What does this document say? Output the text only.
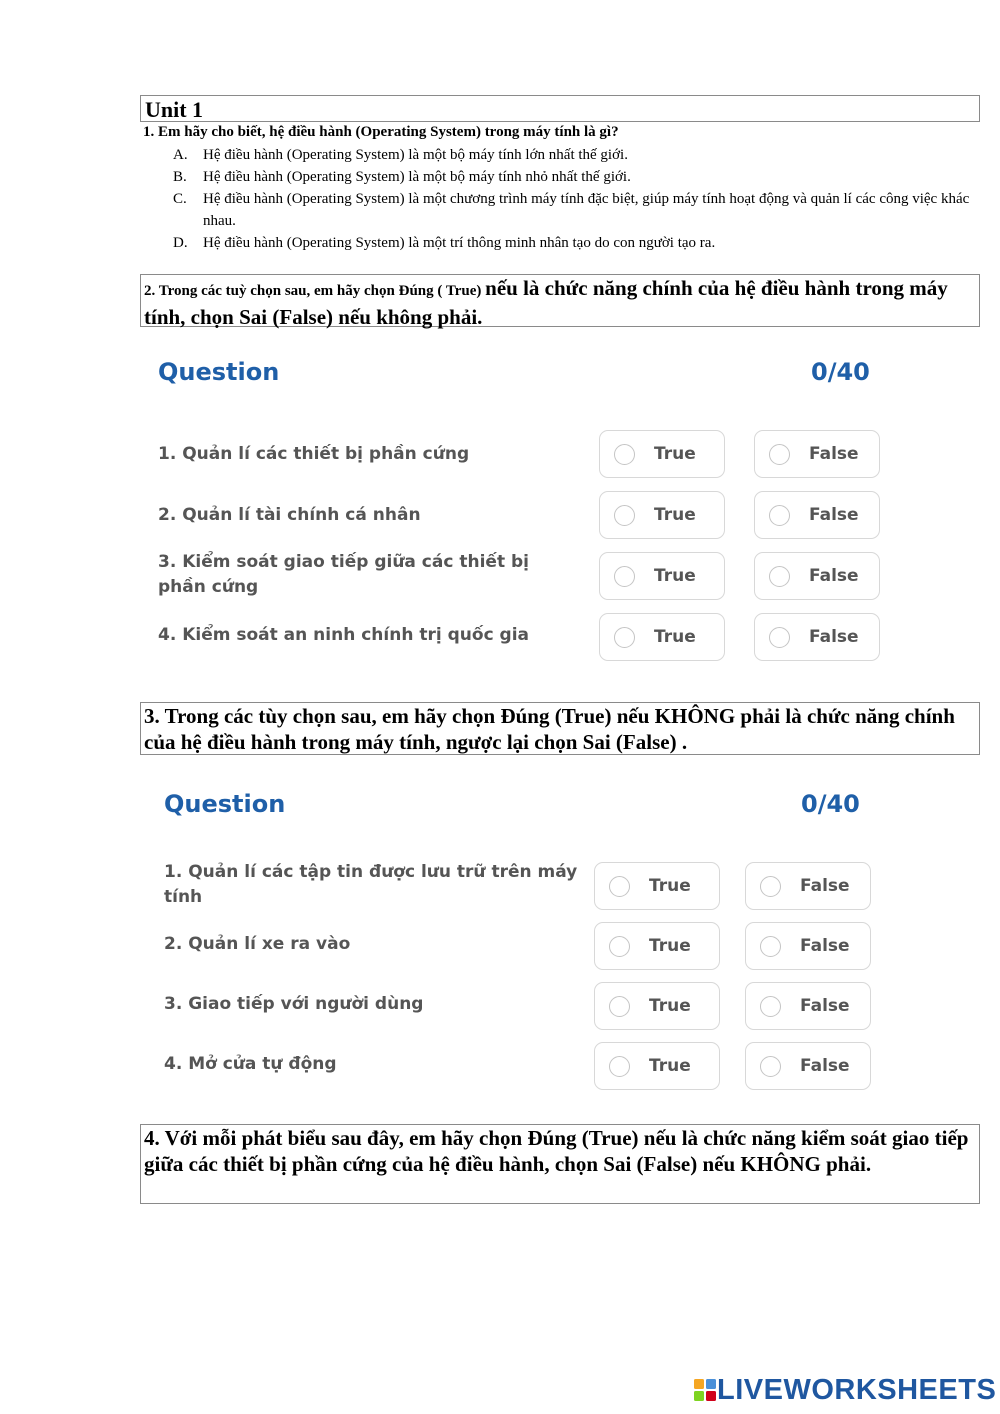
Unit 1
1. Em hãy cho biết, hệ điều hành (Operating System) trong máy tính là gì?
A.	Hệ điều hành (Operating System) là một bộ máy tính lớn nhất thế giới.
B.	Hệ điều hành (Operating System) là một bộ máy tính nhỏ nhất thế giới.
C.	Hệ điều hành (Operating System) là một chương trình máy tính đặc biệt, giúp máy tính hoạt động và quản lí các công việc khác nhau.
D.	Hệ điều hành (Operating System) là một trí thông minh nhân tạo do con người tạo ra.
2. Trong các tuỳ chọn sau, em hãy chọn Đúng ( True) nếu là chức năng chính của hệ điều hành trong máy tính, chọn Sai (False) nếu không phải.
Question	0/40
1. Quản lí các thiết bị phần cứng	True	False
2. Quản lí tài chính cá nhân	True	False
3. Kiểm soát giao tiếp giữa các thiết bị phần cứng
True	False
4. Kiểm soát an ninh chính trị quốc gia	True	False
3. Trong các tùy chọn sau, em hãy chọn Đúng (True) nếu KHÔNG phải là chức năng chính của hệ điều hành trong máy tính, ngược lại chọn Sai (False) .
Question	0/40
1. Quản lí các tập tin được lưu trữ trên máy tính
True	False
2. Quản lí xe ra vào	True	False
3. Giao tiếp với người dùng	True	False
4. Mở cửa tự động	True	False
4. Với mỗi phát biểu sau đây, em hãy chọn Đúng (True) nếu là chức năng kiểm soát giao tiếp giữa các thiết bị phần cứng của hệ điều hành, chọn Sai (False) nếu KHÔNG phải.
LIVEWORKSHEETS
